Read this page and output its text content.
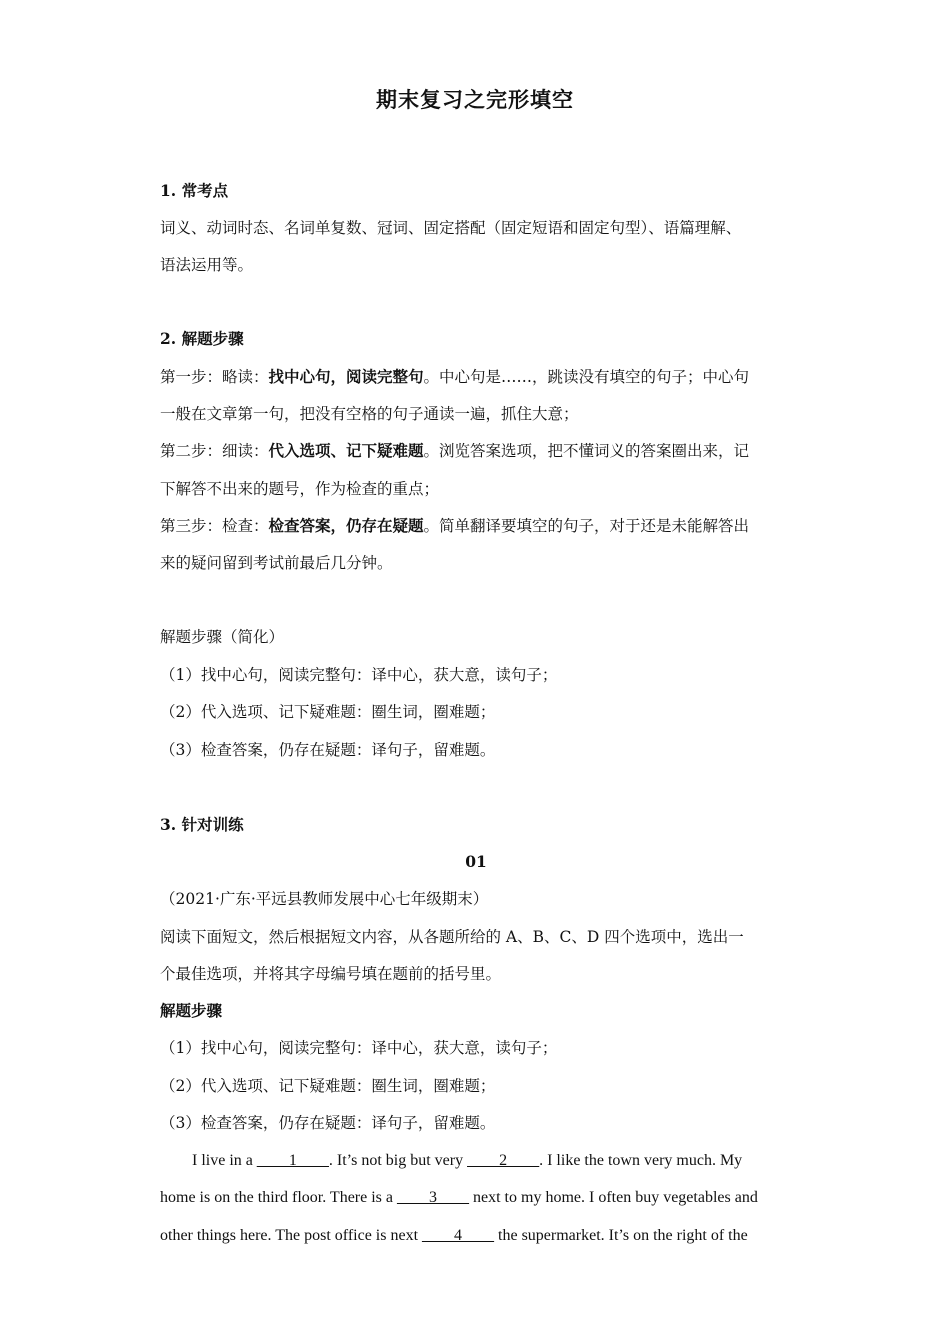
期末复习之完形填空
1. 常考点
词义、动词时态、名词单复数、冠词、固定搭配（固定短语和固定句型）、语篇理解、
语法运用等。
2. 解题步骤
第一步：略读：找中心句，阅读完整句。中心句是……，跳读没有填空的句子；中心句
一般在文章第一句，把没有空格的句子通读一遍，抓住大意；
第二步：细读：代入选项、记下疑难题。浏览答案选项，把不懂词义的答案圈出来，记
下解答不出来的题号，作为检查的重点；
第三步：检查：检查答案，仍存在疑题。简单翻译要填空的句子，对于还是未能解答出
来的疑问留到考试前最后几分钟。
解题步骤（简化）
（1）找中心句，阅读完整句：译中心，获大意，读句子；
（2）代入选项、记下疑难题：圈生词，圈难题；
（3）检查答案，仍存在疑题：译句子，留难题。
3. 针对训练
01
（2021·广东·平远县教师发展中心七年级期末）
阅读下面短文，然后根据短文内容，从各题所给的 A、B、C、D 四个选项中，选出一
个最佳选项，并将其字母编号填在题前的括号里。
解题步骤
（1）找中心句，阅读完整句：译中心，获大意，读句子；
（2）代入选项、记下疑难题：圈生词，圈难题；
（3）检查答案，仍存在疑题：译句子，留难题。
I live in a ____1____. It’s not big but very ____2____. I like the town very much. My
home is on the third floor. There is a ____3____ next to my home. I often buy vegetables and
other things here. The post office is next ____4____ the supermarket. It’s on the right of the
